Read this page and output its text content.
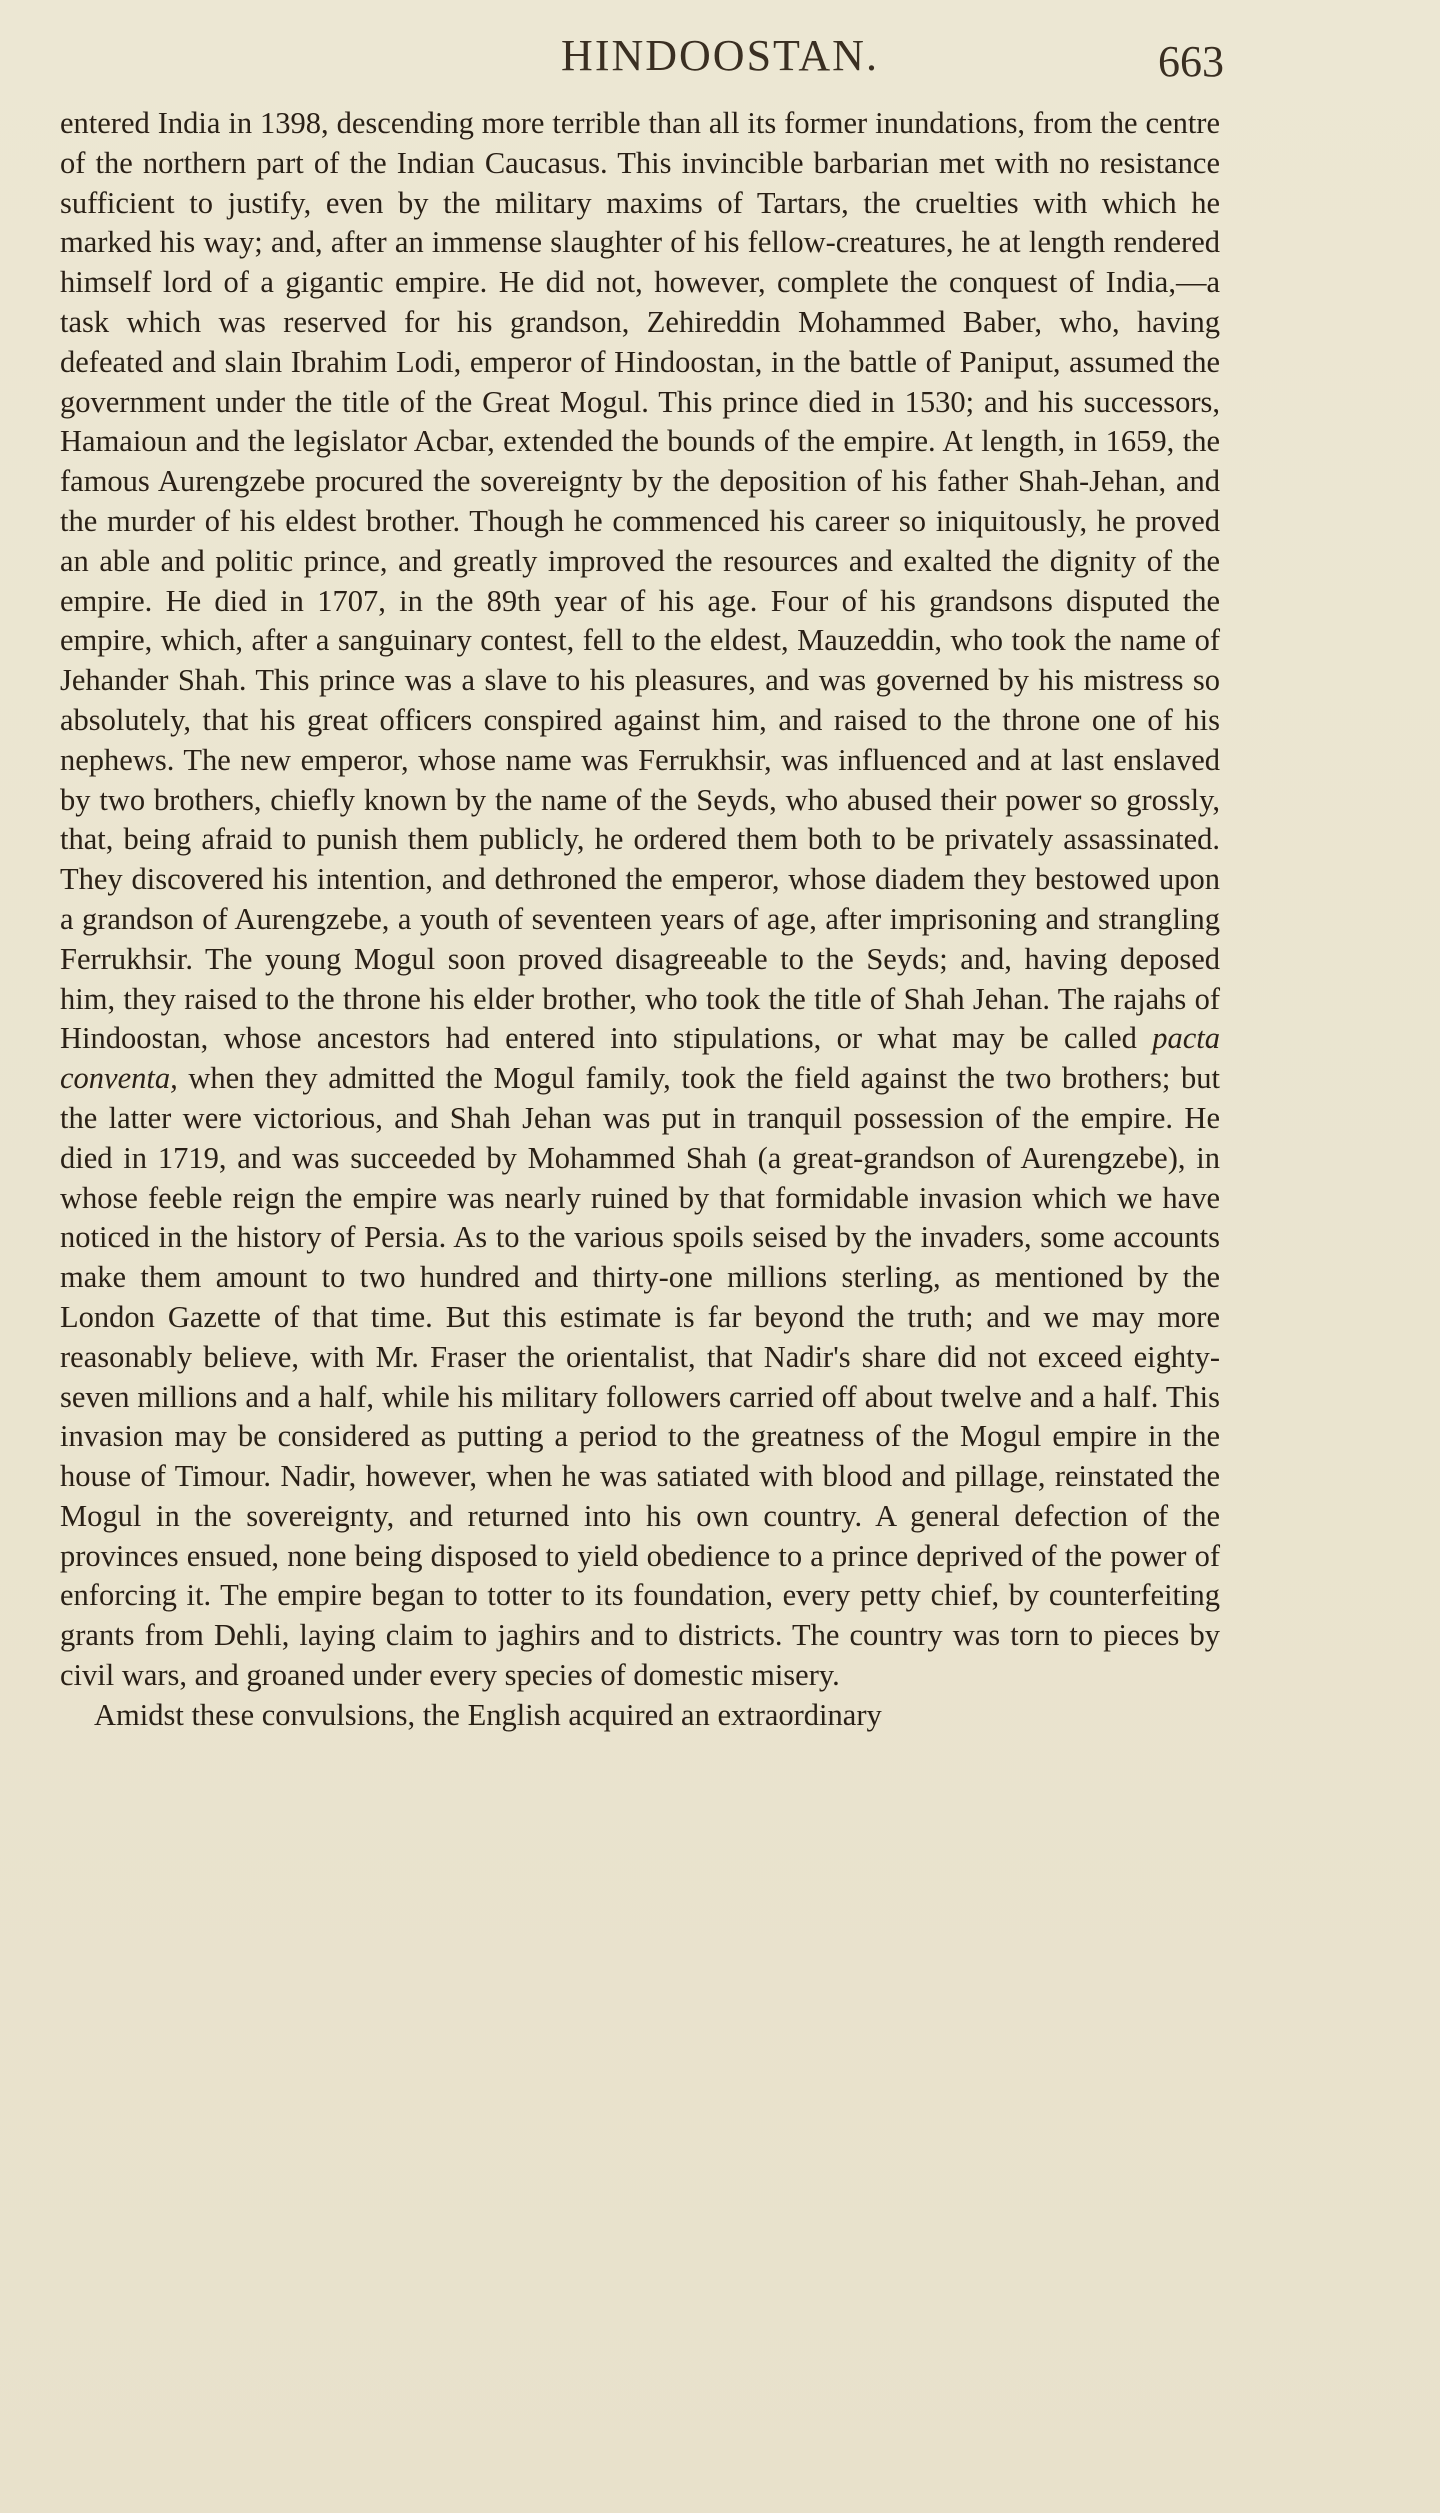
HINDOOSTAN.	663

entered India in 1398, descending more terrible than all its former inundations, from the centre of the northern part of the Indian Caucasus. This invincible barbarian met with no resistance sufficient to justify, even by the military maxims of Tartars, the cruelties with which he marked his way; and, after an immense slaughter of his fellow-creatures, he at length rendered himself lord of a gigantic empire. He did not, however, complete the conquest of India,—a task which was reserved for his grandson, Zehireddin Mohammed Baber, who, having defeated and slain Ibrahim Lodi, emperor of Hindoostan, in the battle of Paniput, assumed the government under the title of the Great Mogul. This prince died in 1530; and his successors, Hamaioun and the legislator Acbar, extended the bounds of the empire. At length, in 1659, the famous Aurengzebe procured the sovereignty by the deposition of his father Shah-Jehan, and the murder of his eldest brother. Though he commenced his career so iniquitously, he proved an able and politic prince, and greatly improved the resources and exalted the dignity of the empire. He died in 1707, in the 89th year of his age. Four of his grandsons disputed the empire, which, after a sanguinary contest, fell to the eldest, Mauzeddin, who took the name of Jehander Shah. This prince was a slave to his pleasures, and was governed by his mistress so absolutely, that his great officers conspired against him, and raised to the throne one of his nephews. The new emperor, whose name was Ferrukhsir, was influenced and at last enslaved by two brothers, chiefly known by the name of the Seyds, who abused their power so grossly, that, being afraid to punish them publicly, he ordered them both to be privately assassinated. They discovered his intention, and dethroned the emperor, whose diadem they bestowed upon a grandson of Aurengzebe, a youth of seventeen years of age, after imprisoning and strangling Ferrukhsir. The young Mogul soon proved disagreeable to the Seyds; and, having deposed him, they raised to the throne his elder brother, who took the title of Shah Jehan. The rajahs of Hindoostan, whose ancestors had entered into stipulations, or what may be called pacta conventa, when they admitted the Mogul family, took the field against the two brothers; but the latter were victorious, and Shah Jehan was put in tranquil possession of the empire. He died in 1719, and was succeeded by Mohammed Shah (a great-grandson of Aurengzebe), in whose feeble reign the empire was nearly ruined by that formidable invasion which we have noticed in the history of Persia. As to the various spoils seised by the invaders, some accounts make them amount to two hundred and thirty-one millions sterling, as mentioned by the London Gazette of that time. But this estimate is far beyond the truth; and we may more reasonably believe, with Mr. Fraser the orientalist, that Nadir's share did not exceed eighty-seven millions and a half, while his military followers carried off about twelve and a half. This invasion may be considered as putting a period to the greatness of the Mogul empire in the house of Timour. Nadir, however, when he was satiated with blood and pillage, reinstated the Mogul in the sovereignty, and returned into his own country. A general defection of the provinces ensued, none being disposed to yield obedience to a prince deprived of the power of enforcing it. The empire began to totter to its foundation, every petty chief, by counterfeiting grants from Dehli, laying claim to jaghirs and to districts. The country was torn to pieces by civil wars, and groaned under every species of domestic misery.

Amidst these convulsions, the English acquired an extraordinary
